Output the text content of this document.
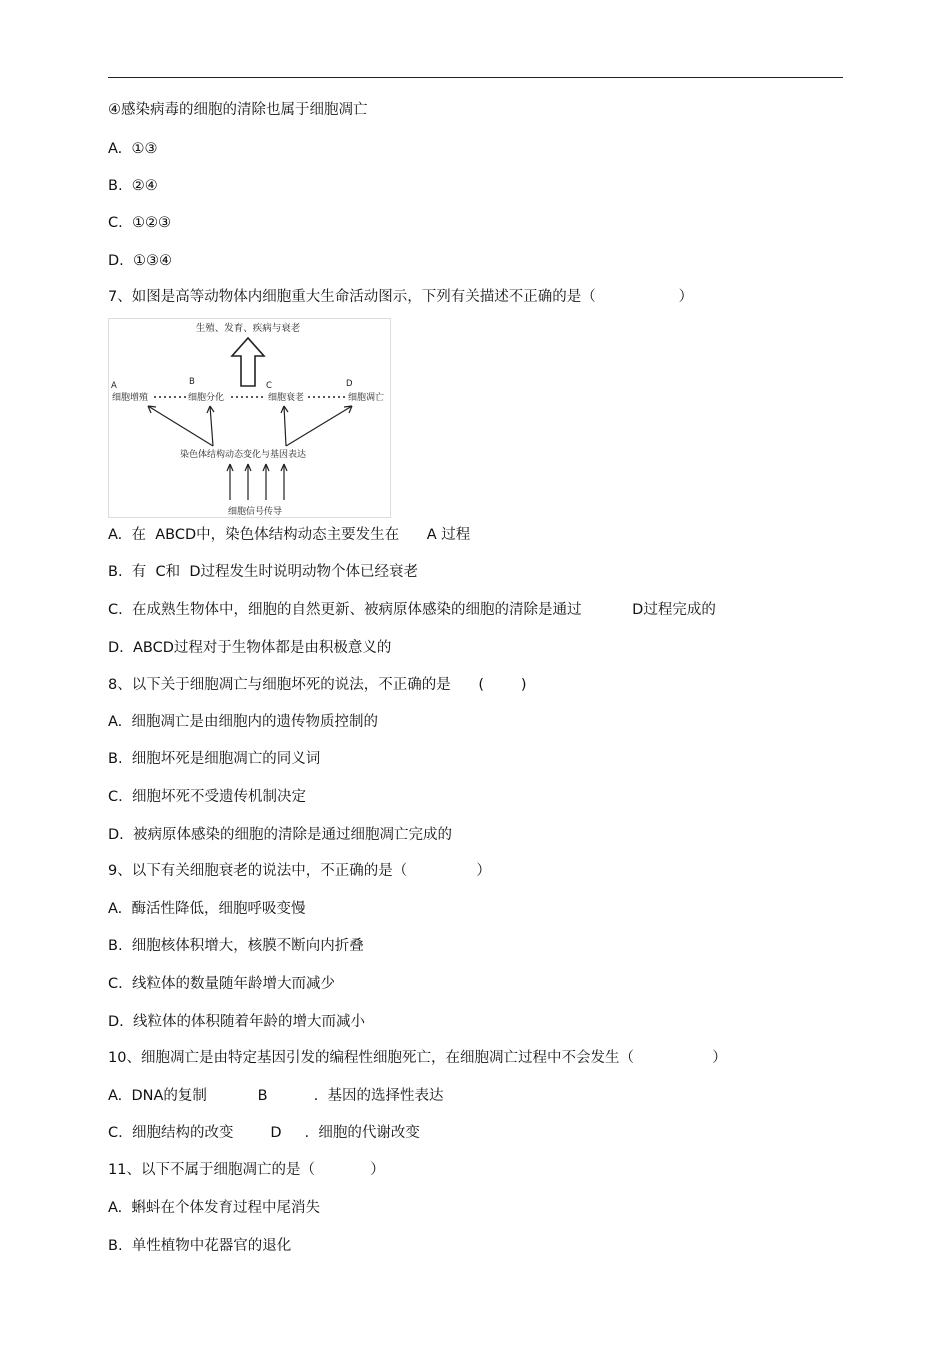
④感染病毒的细胞的清除也属于细胞凋亡
A.  ①③
B.  ②④
C.  ①②③
D.  ①③④
7、如图是高等动物体内细胞重大生命活动图示，下列有关描述不正确的是（                  ）
生殖、发育、疾病与衰老
A	B	C	D
细胞增殖	细胞分化	细胞衰老	细胞凋亡
染色体结构动态变化与基因表达
细胞信号传导
A.  在  ABCD中，染色体结构动态主要发生在      A 过程
B.  有  C和  D过程发生时说明动物个体已经衰老
C.  在成熟生物体中，细胞的自然更新、被病原体感染的细胞的清除是通过           D过程完成的
D.  ABCD过程对于生物体都是由积极意义的
8、以下关于细胞凋亡与细胞坏死的说法，不正确的是      (        )
A.  细胞凋亡是由细胞内的遗传物质控制的
B.  细胞坏死是细胞凋亡的同义词
C.  细胞坏死不受遗传机制决定
D.  被病原体感染的细胞的清除是通过细胞凋亡完成的
9、以下有关细胞衰老的说法中，不正确的是（               ）
A.  酶活性降低，细胞呼吸变慢
B.  细胞核体积增大，核膜不断向内折叠
C.  线粒体的数量随年龄增大而减少
D.  线粒体的体积随着年龄的增大而减小
10、细胞凋亡是由特定基因引发的编程性细胞死亡，在细胞凋亡过程中不会发生（                 ）
A.  DNA的复制           B          .  基因的选择性表达
C.  细胞结构的改变        D     .  细胞的代谢改变
11、以下不属于细胞凋亡的是（            ）
A.  蝌蚪在个体发育过程中尾消失
B.  单性植物中花器官的退化
